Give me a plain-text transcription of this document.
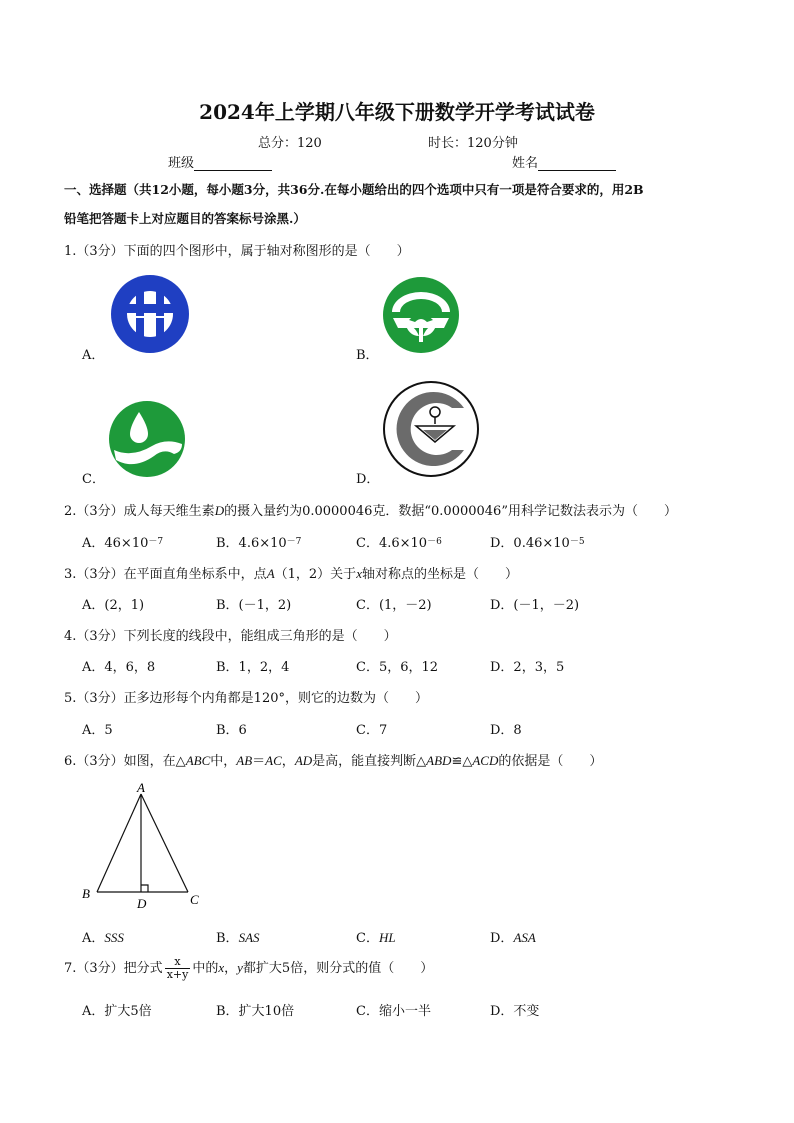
2024年上学期八年级下册数学开学考试试卷
总分：120	时长：120分钟
班级	姓名
一、选择题（共12小题，每小题3分，共36分.在每小题给出的四个选项中只有一项是符合要求的，用2B
铅笔把答题卡上对应题目的答案标号涂黑.）
1.（3分）下面的四个图形中，属于轴对称图形的是（　　）
A．	B．
C．	D．
2.（3分）成人每天维生素D的摄入量约为0.0000046克．数据“0.0000046”用科学记数法表示为（　　）
A．$46\times 10^{-7}$	B．$4.6\times 10^{-7}$	C．$4.6\times 10^{-6}$	D．$0.46\times 10^{-5}$
3.（3分）在平面直角坐标系中，点A（1，2）关于x轴对称点的坐标是（　　）
A．(2，1)	B．(－1，2)	C．(1，－2)	D．(－1，－2)
4.（3分）下列长度的线段中，能组成三角形的是（　　）
A．4，6，8	B．1，2，4	C．5，6，12	D．2，3，5
5.（3分）正多边形每个内角都是120°，则它的边数为（　　）
A．5	B．6	C．7	D．8
6.（3分）如图，在△ABC中，AB＝AC，AD是高，能直接判断△ABD≌△ACD的依据是（　　）
A
B	C
D
A．SSS	B．SAS	C．HL	D．ASA
7.（3分）把分式 $\frac{x}{x+y}$ 中的x，y都扩大5倍，则分式的值（　　）
A．扩大5倍	B．扩大10倍	C．缩小一半	D．不变
